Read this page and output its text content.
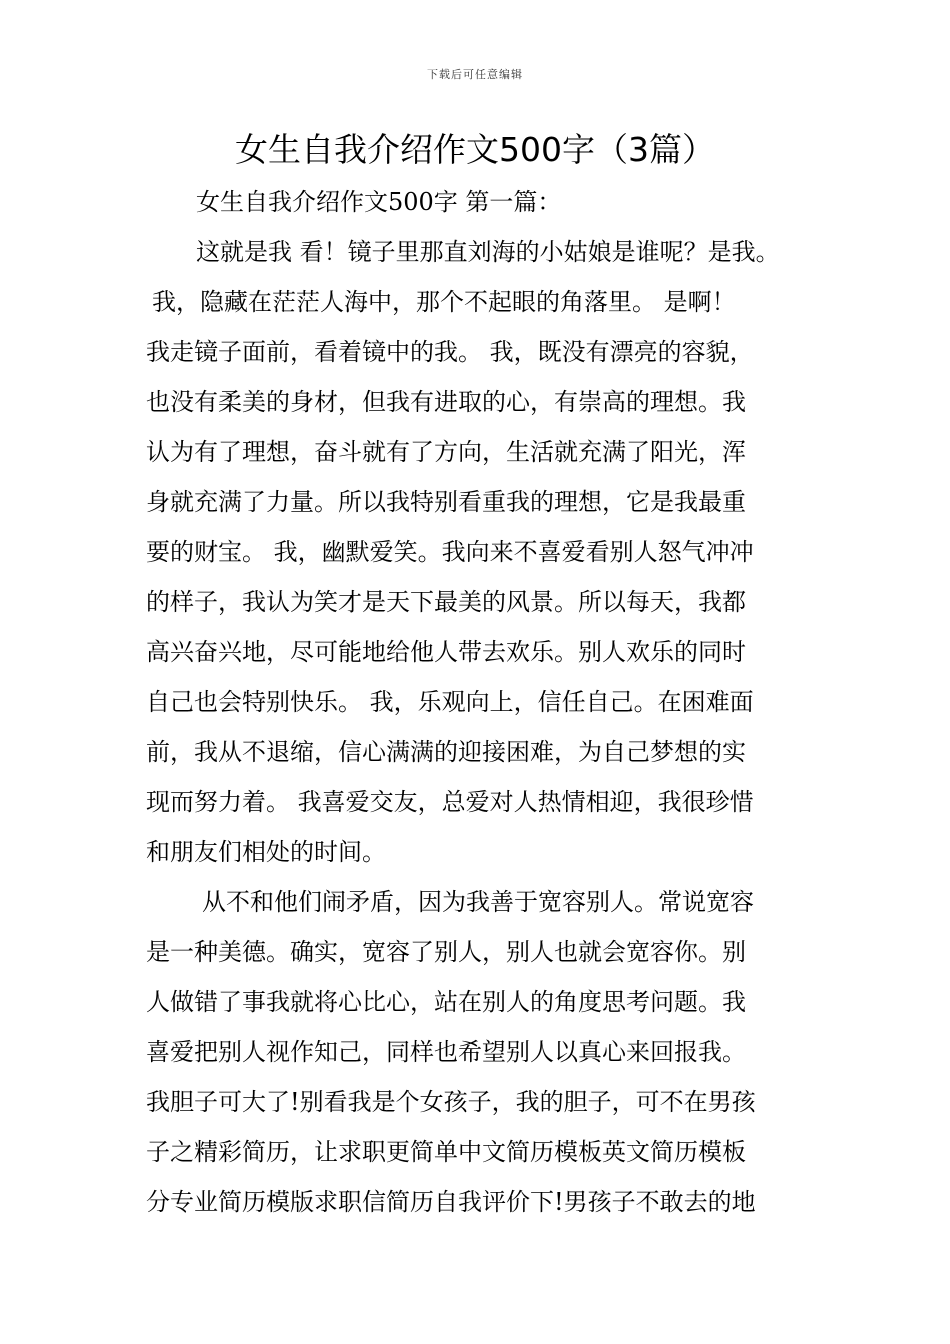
下载后可任意编辑
女生自我介绍作文500字（3篇）
女生自我介绍作文500字 第一篇：
这就是我 看！镜子里那直刘海的小姑娘是谁呢？是我。
我，隐藏在茫茫人海中，那个不起眼的角落里。 是啊！
我走镜子面前，看着镜中的我。 我，既没有漂亮的容貌，
也没有柔美的身材，但我有进取的心，有崇高的理想。我
认为有了理想，奋斗就有了方向，生活就充满了阳光，浑
身就充满了力量。所以我特别看重我的理想，它是我最重
要的财宝。 我，幽默爱笑。我向来不喜爱看别人怒气冲冲
的样子，我认为笑才是天下最美的风景。所以每天，我都
高兴奋兴地，尽可能地给他人带去欢乐。别人欢乐的同时
自己也会特别快乐。 我，乐观向上，信任自己。在困难面
前，我从不退缩，信心满满的迎接困难，为自己梦想的实
现而努力着。 我喜爱交友，总爱对人热情相迎，我很珍惜
和朋友们相处的时间。
从不和他们闹矛盾，因为我善于宽容别人。常说宽容
是一种美德。确实，宽容了别人，别人也就会宽容你。别
人做错了事我就将心比心，站在别人的角度思考问题。我
喜爱把别人视作知己，同样也希望别人以真心来回报我。
我胆子可大了!别看我是个女孩子，我的胆子，可不在男孩
子之精彩简历，让求职更简单中文简历模板英文简历模板
分专业简历模版求职信简历自我评价下!男孩子不敢去的地
